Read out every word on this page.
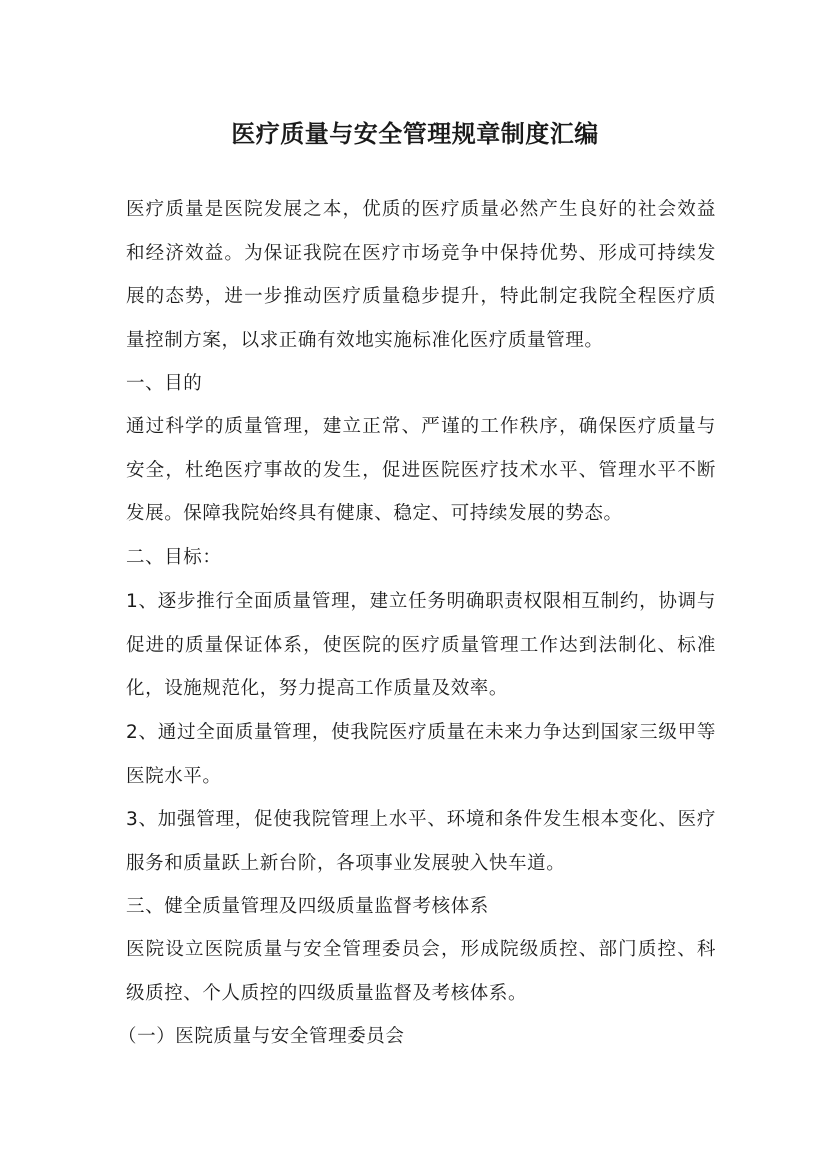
医疗质量与安全管理规章制度汇编

医疗质量是医院发展之本，优质的医疗质量必然产生良好的社会效益和经济效益。为保证我院在医疗市场竞争中保持优势、形成可持续发展的态势，进一步推动医疗质量稳步提升，特此制定我院全程医疗质量控制方案，以求正确有效地实施标准化医疗质量管理。

一、目的

通过科学的质量管理，建立正常、严谨的工作秩序，确保医疗质量与安全，杜绝医疗事故的发生，促进医院医疗技术水平、管理水平不断发展。保障我院始终具有健康、稳定、可持续发展的势态。

二、目标：

1、逐步推行全面质量管理，建立任务明确职责权限相互制约，协调与促进的质量保证体系，使医院的医疗质量管理工作达到法制化、标准化，设施规范化，努力提高工作质量及效率。

2、通过全面质量管理，使我院医疗质量在未来力争达到国家三级甲等医院水平。

3、加强管理，促使我院管理上水平、环境和条件发生根本变化、医疗服务和质量跃上新台阶，各项事业发展驶入快车道。

三、健全质量管理及四级质量监督考核体系

医院设立医院质量与安全管理委员会，形成院级质控、部门质控、科级质控、个人质控的四级质量监督及考核体系。

（一）医院质量与安全管理委员会
